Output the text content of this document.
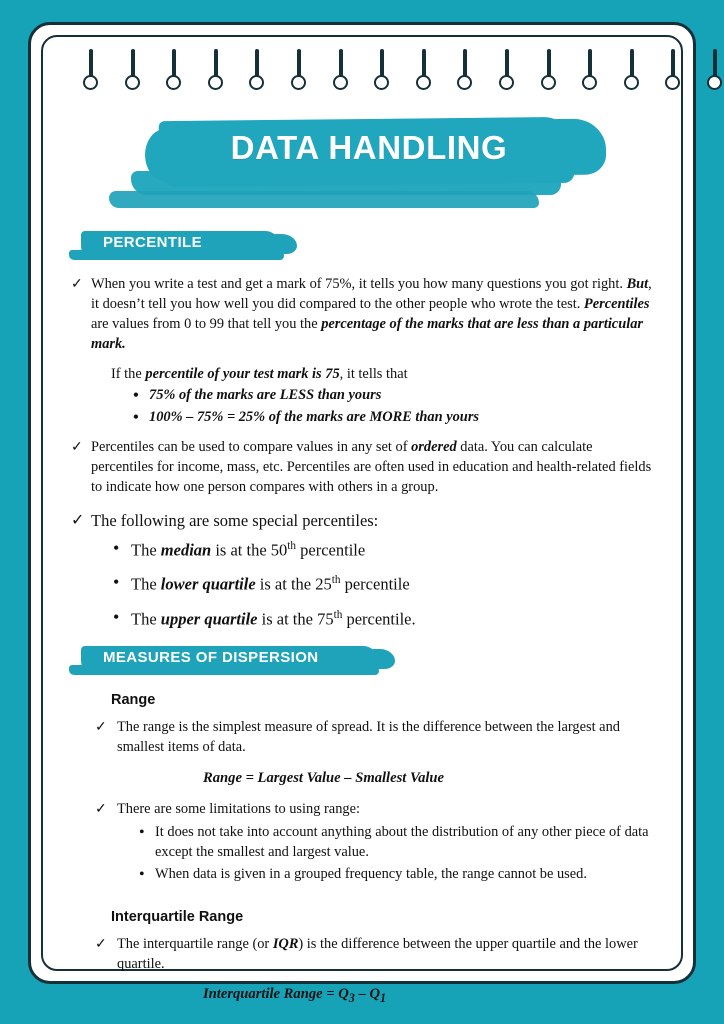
DATA HANDLING
PERCENTILE
✓ When you write a test and get a mark of 75%, it tells you how many questions you got right. But, it doesn’t tell you how well you did compared to the other people who wrote the test. Percentiles are values from 0 to 99 that tell you the percentage of the marks that are less than a particular mark.
If the percentile of your test mark is 75, it tells that
• 75% of the marks are LESS than yours
• 100% – 75% = 25% of the marks are MORE than yours
✓ Percentiles can be used to compare values in any set of ordered data. You can calculate percentiles for income, mass, etc. Percentiles are often used in education and health-related fields to indicate how one person compares with others in a group.
✓ The following are some special percentiles:
• The median is at the 50th percentile
• The lower quartile is at the 25th percentile
• The upper quartile is at the 75th percentile.
MEASURES OF DISPERSION
Range
✓ The range is the simplest measure of spread. It is the difference between the largest and smallest items of data.
Range = Largest Value – Smallest Value
✓ There are some limitations to using range:
• It does not take into account anything about the distribution of any other piece of data except the smallest and largest value.
• When data is given in a grouped frequency table, the range cannot be used.
Interquartile Range
✓ The interquartile range (or IQR) is the difference between the upper quartile and the lower quartile.
Interquartile Range = $Q_3 - Q_1$
